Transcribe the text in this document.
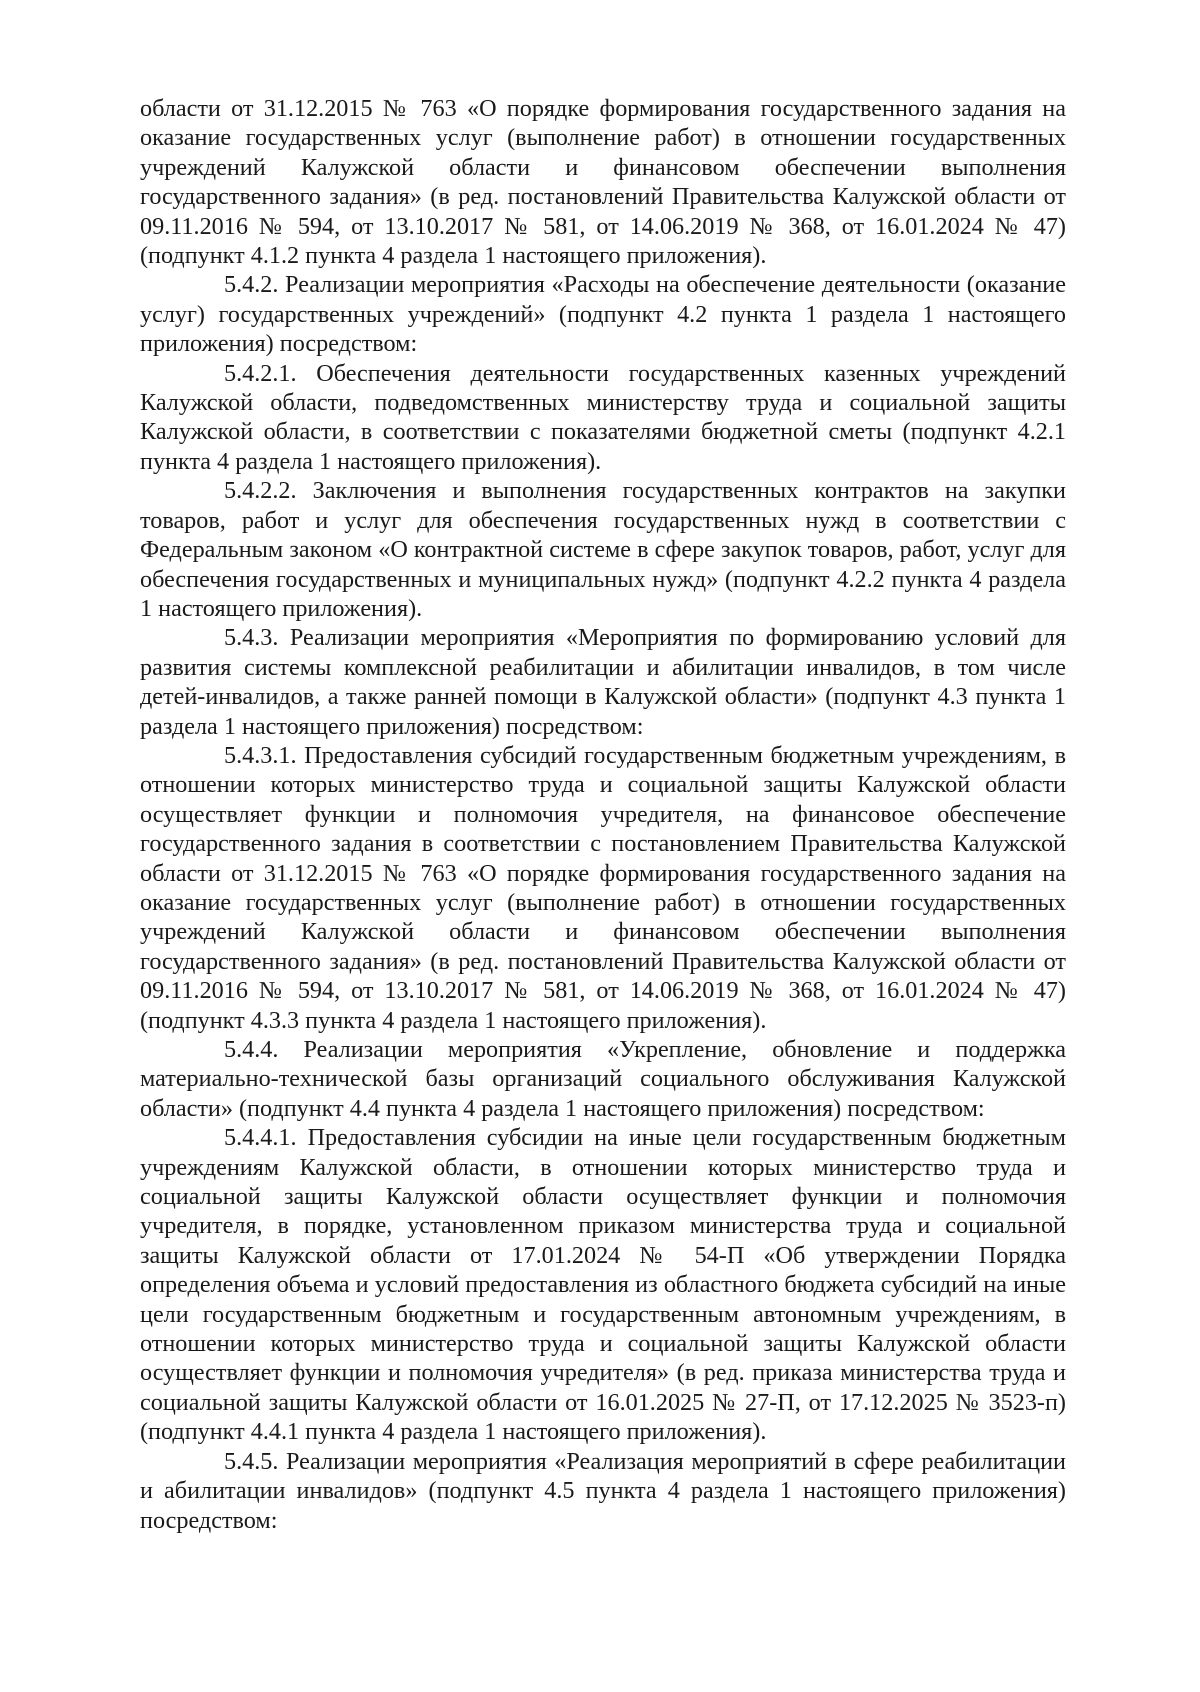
области от 31.12.2015 № 763 «О порядке формирования государственного задания на оказание государственных услуг (выполнение работ) в отношении государственных учреждений Калужской области и финансовом обеспечении выполнения государственного задания» (в ред. постановлений Правительства Калужской области от 09.11.2016 № 594, от 13.10.2017 № 581, от 14.06.2019 № 368, от 16.01.2024 № 47) (подпункт 4.1.2 пункта 4 раздела 1 настоящего приложения).

5.4.2. Реализации мероприятия «Расходы на обеспечение деятельности (оказание услуг) государственных учреждений» (подпункт 4.2 пункта 1 раздела 1 настоящего приложения) посредством:

5.4.2.1. Обеспечения деятельности государственных казенных учреждений Калужской области, подведомственных министерству труда и социальной защиты Калужской области, в соответствии с показателями бюджетной сметы (подпункт 4.2.1 пункта 4 раздела 1 настоящего приложения).

5.4.2.2. Заключения и выполнения государственных контрактов на закупки товаров, работ и услуг для обеспечения государственных нужд в соответствии с Федеральным законом «О контрактной системе в сфере закупок товаров, работ, услуг для обеспечения государственных и муниципальных нужд» (подпункт 4.2.2 пункта 4 раздела 1 настоящего приложения).

5.4.3. Реализации мероприятия «Мероприятия по формированию условий для развития системы комплексной реабилитации и абилитации инвалидов, в том числе детей-инвалидов, а также ранней помощи в Калужской области» (подпункт 4.3 пункта 1 раздела 1 настоящего приложения) посредством:

5.4.3.1. Предоставления субсидий государственным бюджетным учреждениям, в отношении которых министерство труда и социальной защиты Калужской области осуществляет функции и полномочия учредителя, на финансовое обеспечение государственного задания в соответствии с постановлением Правительства Калужской области от 31.12.2015 № 763 «О порядке формирования государственного задания на оказание государственных услуг (выполнение работ) в отношении государственных учреждений Калужской области и финансовом обеспечении выполнения государственного задания» (в ред. постановлений Правительства Калужской области от 09.11.2016 № 594, от 13.10.2017 № 581, от 14.06.2019 № 368, от 16.01.2024 № 47) (подпункт 4.3.3 пункта 4 раздела 1 настоящего приложения).

5.4.4. Реализации мероприятия «Укрепление, обновление и поддержка материально-технической базы организаций социального обслуживания Калужской области» (подпункт 4.4 пункта 4 раздела 1 настоящего приложения) посредством:

5.4.4.1. Предоставления субсидии на иные цели государственным бюджетным учреждениям Калужской области, в отношении которых министерство труда и социальной защиты Калужской области осуществляет функции и полномочия учредителя, в порядке, установленном приказом министерства труда и социальной защиты Калужской области от 17.01.2024 № 54-П «Об утверждении Порядка определения объема и условий предоставления из областного бюджета субсидий на иные цели государственным бюджетным и государственным автономным учреждениям, в отношении которых министерство труда и социальной защиты Калужской области осуществляет функции и полномочия учредителя» (в ред. приказа министерства труда и социальной защиты Калужской области от 16.01.2025 № 27-П, от 17.12.2025 № 3523-п) (подпункт 4.4.1 пункта 4 раздела 1 настоящего приложения).

5.4.5. Реализации мероприятия «Реализация мероприятий в сфере реабилитации и абилитации инвалидов» (подпункт 4.5 пункта 4 раздела 1 настоящего приложения) посредством:
